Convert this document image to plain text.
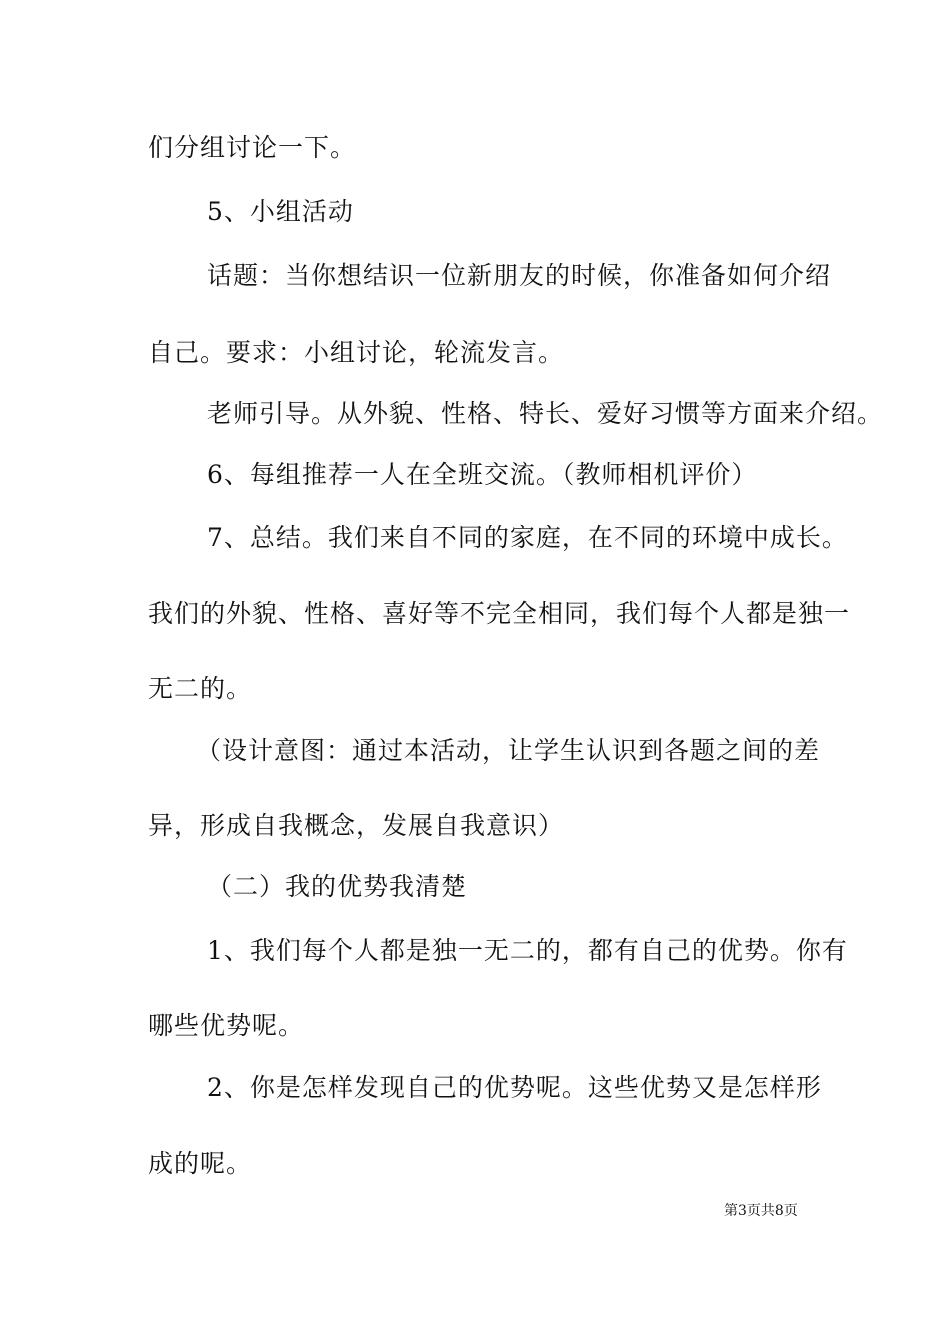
们分组讨论一下。
5、小组活动
话题：当你想结识一位新朋友的时候，你准备如何介绍
自己。要求：小组讨论，轮流发言。
老师引导。从外貌、性格、特长、爱好习惯等方面来介绍。
6、每组推荐一人在全班交流。（教师相机评价）
7、总结。我们来自不同的家庭，在不同的环境中成长。
我们的外貌、性格、喜好等不完全相同，我们每个人都是独一
无二的。
（设计意图：通过本活动，让学生认识到各题之间的差
异，形成自我概念，发展自我意识）
（二）我的优势我清楚
1、我们每个人都是独一无二的，都有自己的优势。你有
哪些优势呢。
2、你是怎样发现自己的优势呢。这些优势又是怎样形
成的呢。
第3页共8页
